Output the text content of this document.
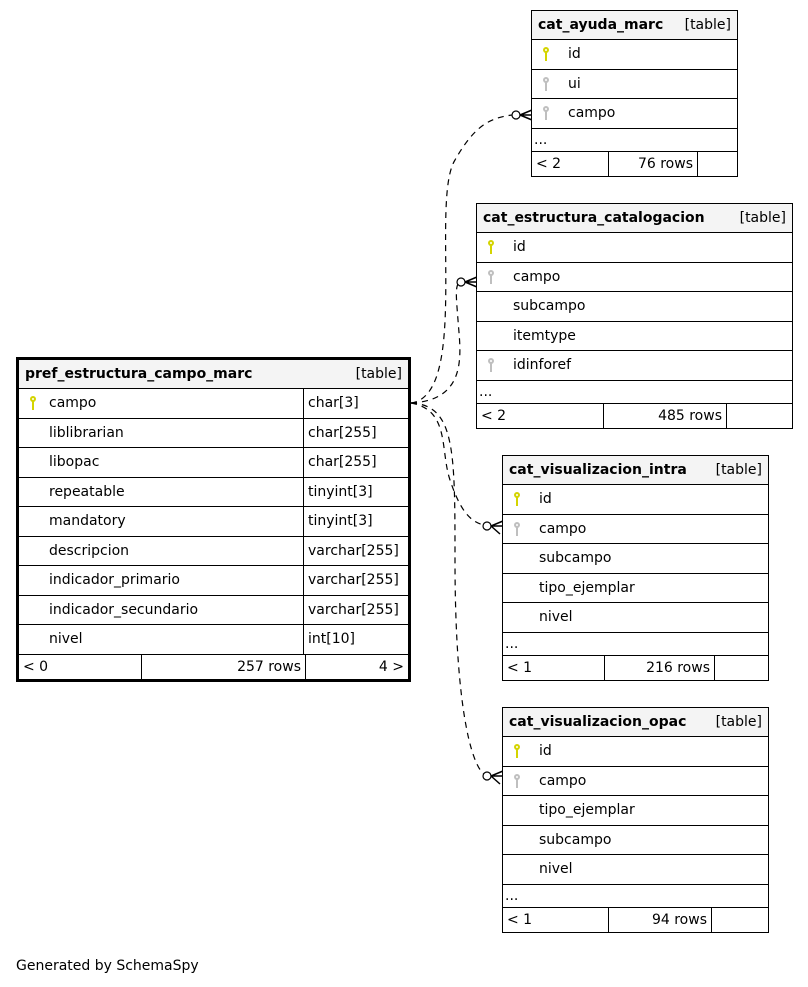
pref_estructura_campo_marc	[table]
campo	char[3]
liblibrarian	char[255]
libopac	char[255]
repeatable	tinyint[3]
mandatory	tinyint[3]
descripcion	varchar[255]
indicador_primario	varchar[255]
indicador_secundario	varchar[255]
nivel	int[10]
< 0	257 rows	4 >
cat_ayuda_marc	[table]
id
ui
campo
...
< 2	76 rows
cat_estructura_catalogacion	[table]
id
campo
subcampo
itemtype
idinforef
...
< 2	485 rows
cat_visualizacion_intra	[table]
id
campo
subcampo
tipo_ejemplar
nivel
...
< 1	216 rows
cat_visualizacion_opac	[table]
id
campo
tipo_ejemplar
subcampo
nivel
...
< 1	94 rows
Generated by SchemaSpy
